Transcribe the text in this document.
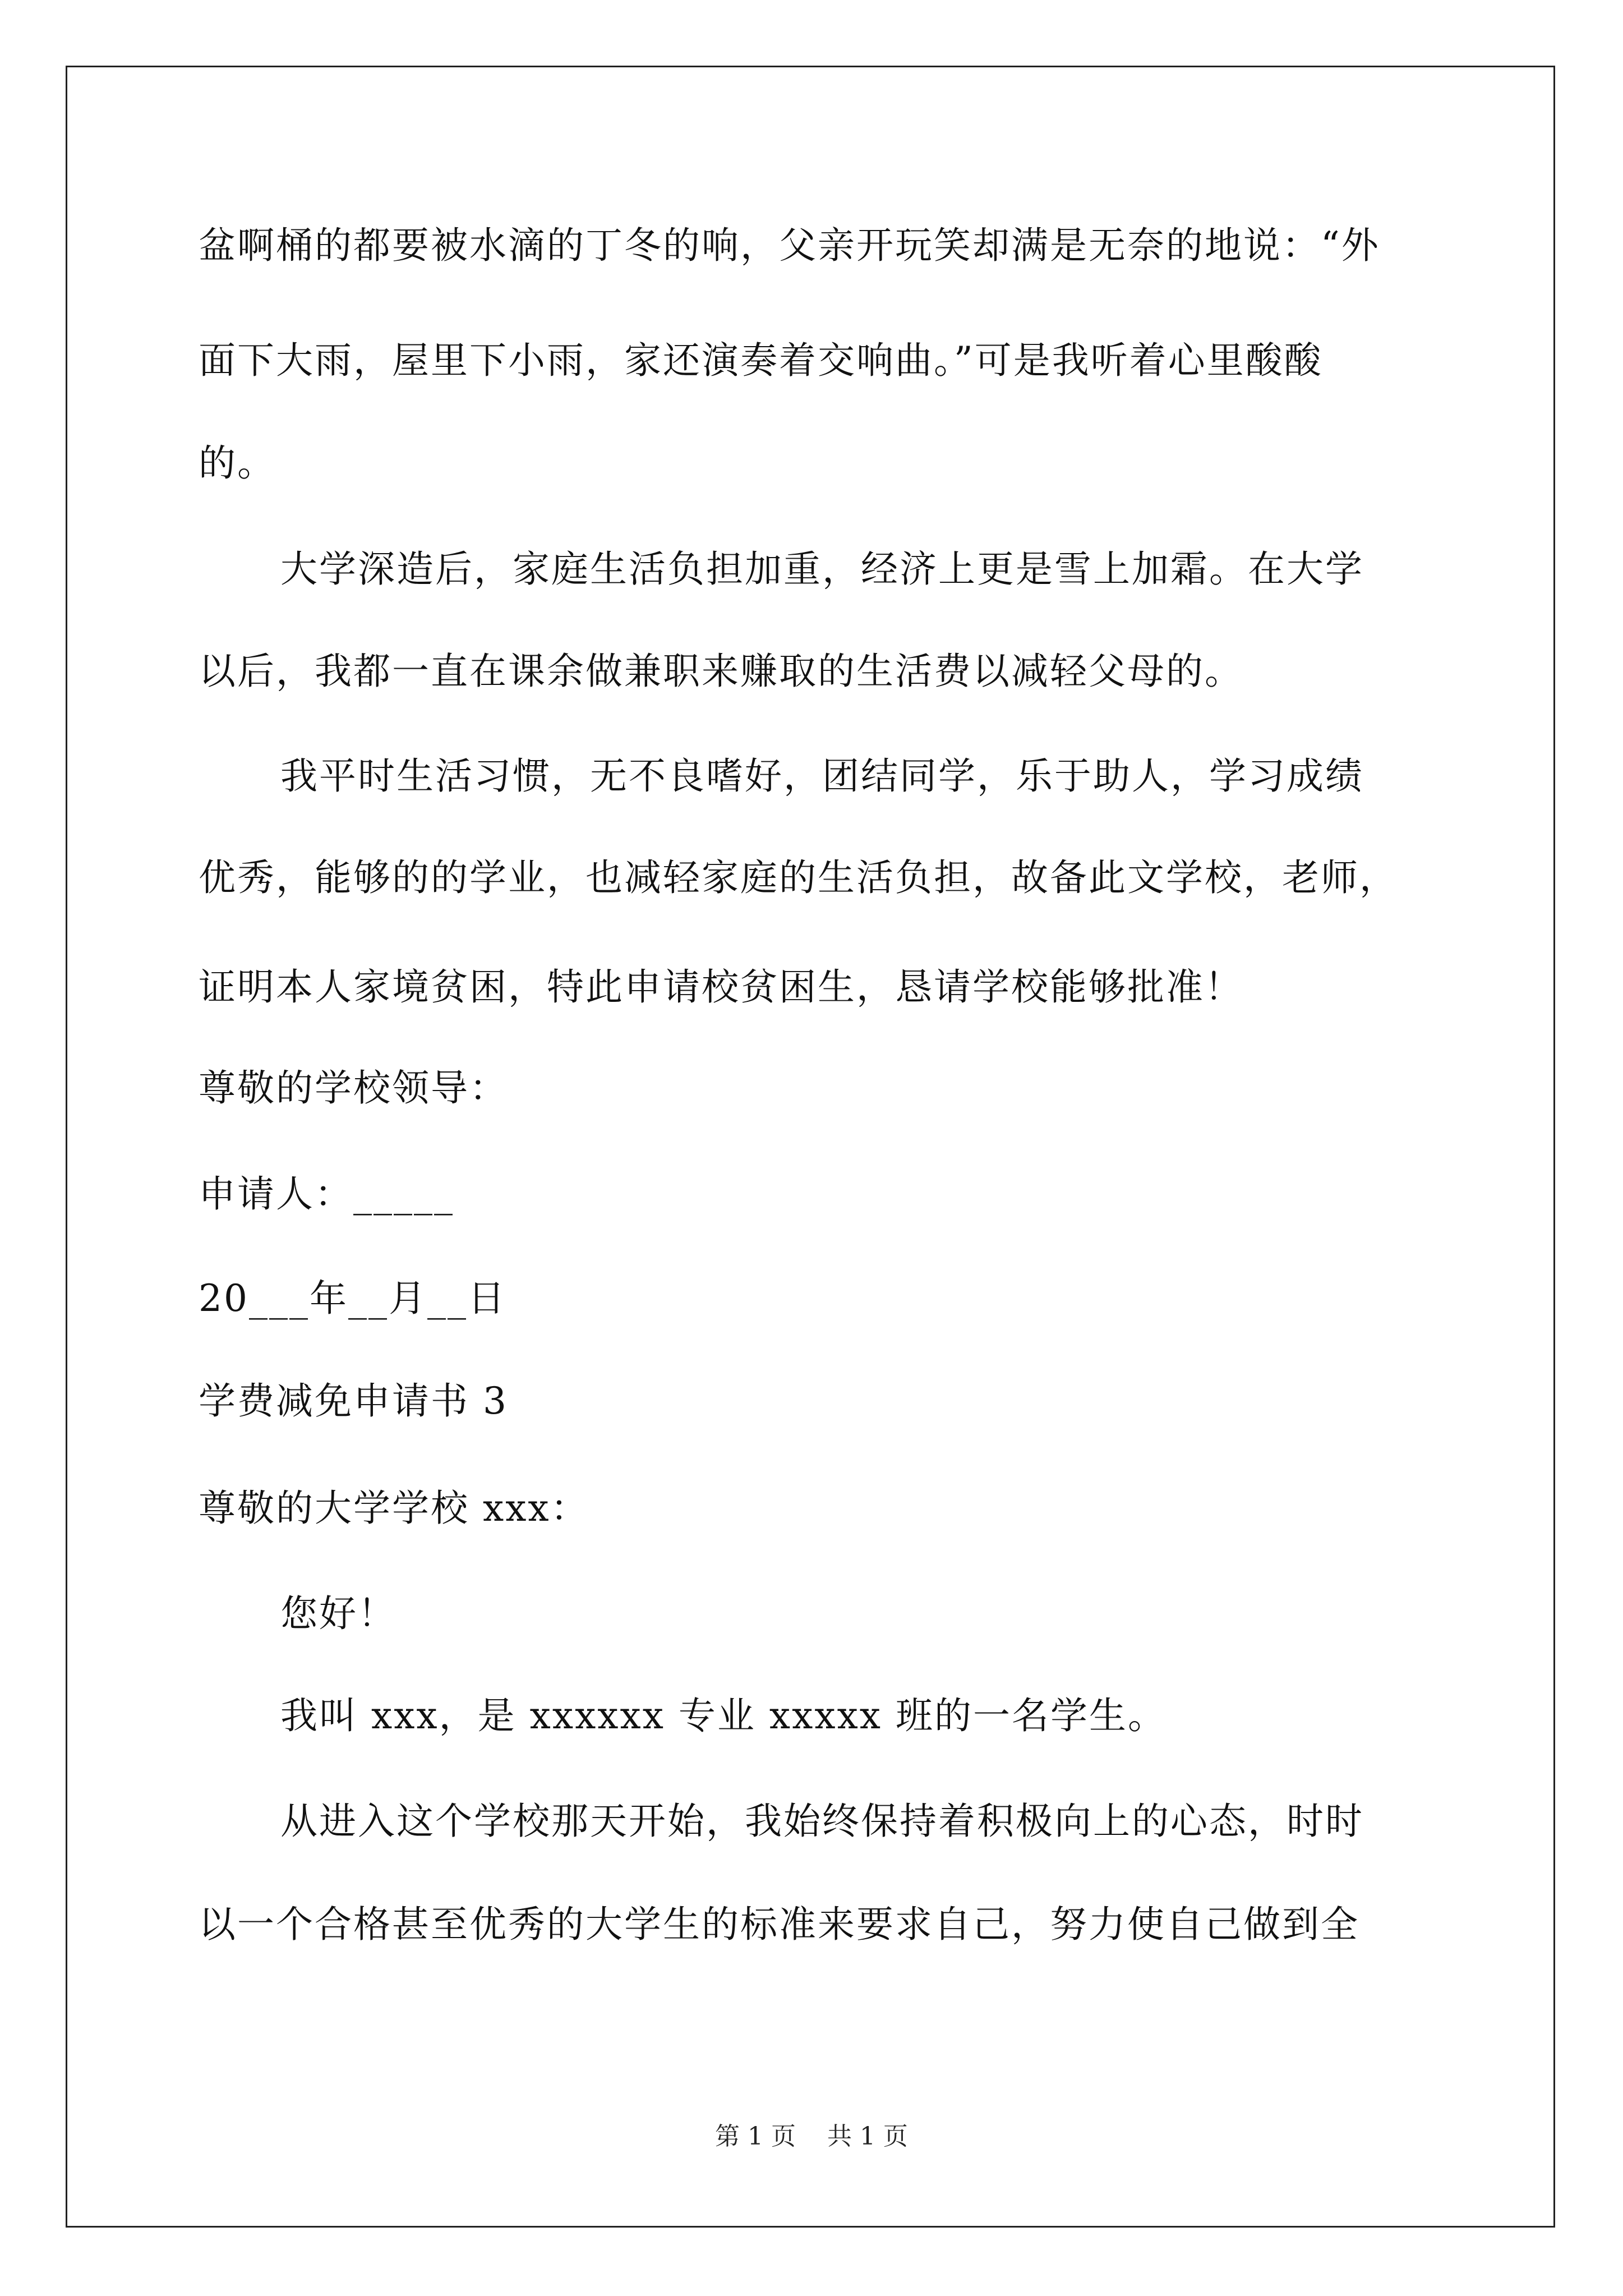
盆啊桶的都要被水滴的丁冬的响，父亲开玩笑却满是无奈的地说：“外
面下大雨，屋里下小雨，家还演奏着交响曲。”可是我听着心里酸酸
的。
大学深造后，家庭生活负担加重，经济上更是雪上加霜。在大学
以后，我都一直在课余做兼职来赚取的生活费以减轻父母的。
我平时生活习惯，无不良嗜好，团结同学，乐于助人，学习成绩
优秀，能够的的学业，也减轻家庭的生活负担，故备此文学校，老师，
证明本人家境贫困，特此申请校贫困生，恳请学校能够批准！
尊敬的学校领导：
申请人：_____
20___年__月__日
学费减免申请书 3
尊敬的大学学校 xxx：
您好！
我叫 xxx，是 xxxxxx 专业 xxxxx 班的一名学生。
从进入这个学校那天开始，我始终保持着积极向上的心态，时时
以一个合格甚至优秀的大学生的标准来要求自己，努力使自己做到全
第 1 页    共 1 页
